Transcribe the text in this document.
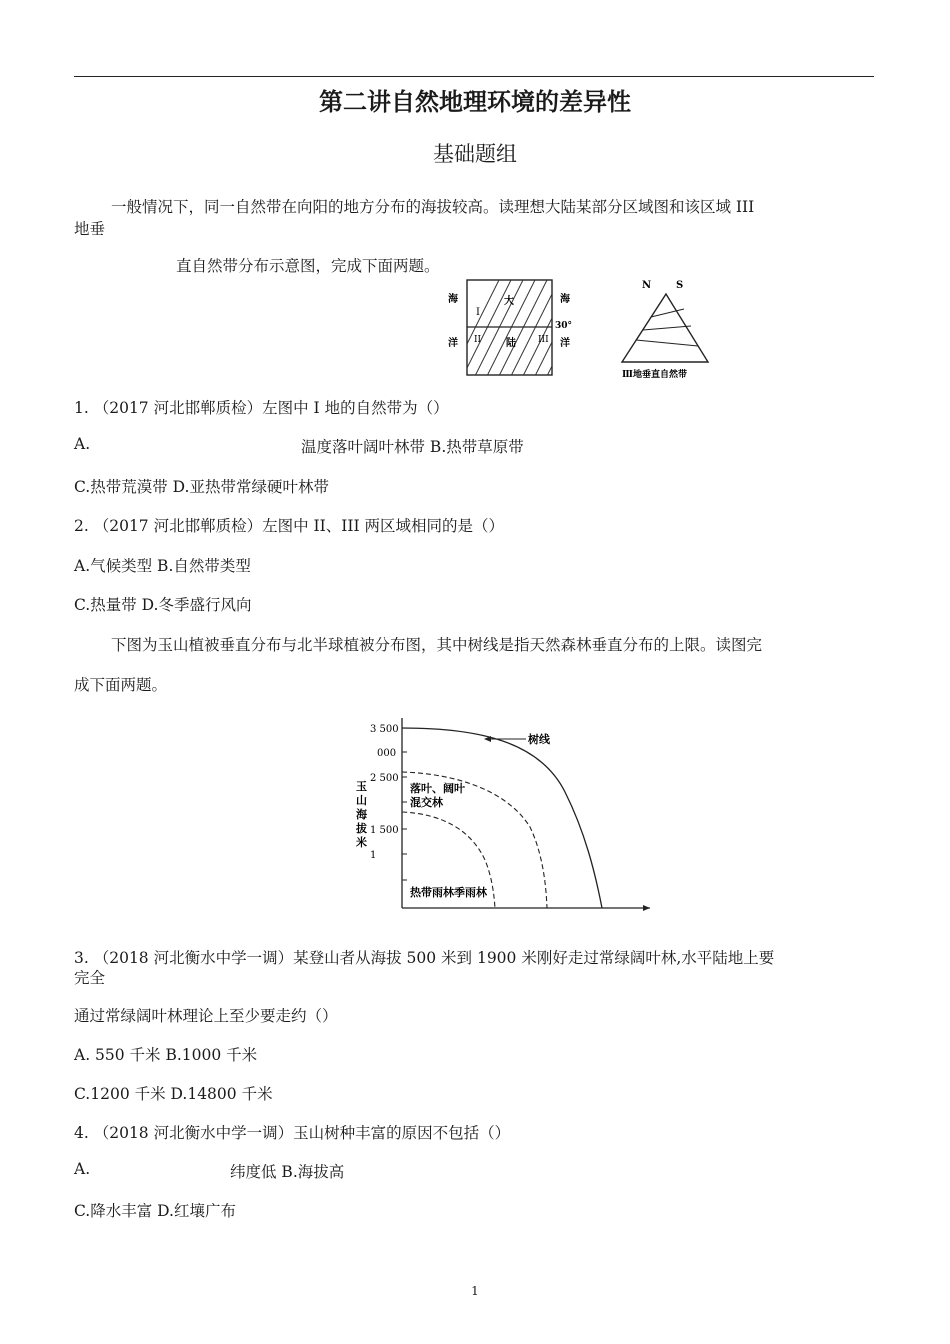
第二讲自然地理环境的差异性
基础题组
一般情况下，同一自然带在向阳的地方分布的海拔较高。读理想大陆某部分区域图和该区域 III
地垂
直自然带分布示意图，完成下面两题。
海
洋
海
洋
I
II	III
大
陆
30°
N S
Ⅲ地垂直自然带
1. （2017 河北邯郸质检）左图中 I 地的自然带为（）
A.	温度落叶阔叶林带 B.热带草原带
C.热带荒漠带 D.亚热带常绿硬叶林带
2. （2017 河北邯郸质检）左图中 II、III 两区域相同的是（）
A.气候类型 B.自然带类型
C.热量带 D.冬季盛行风向
下图为玉山植被垂直分布与北半球植被分布图，其中树线是指天然森林垂直分布的上限。读图完
成下面两题。
3 500
000
2 500
1 500
1
玉
山
海
拔
米
树线
落叶、阔叶
混交林
热带雨林季雨林
3. （2018 河北衡水中学一调）某登山者从海拔 500 米到 1900 米刚好走过常绿阔叶林,水平陆地上要
完全
通过常绿阔叶林理论上至少要走约（）
A. 550 千米 B.1000 千米
C.1200 千米 D.14800 千米
4. （2018 河北衡水中学一调）玉山树种丰富的原因不包括（）
A.	纬度低 B.海拔高
C.降水丰富 D.红壤广布
1
